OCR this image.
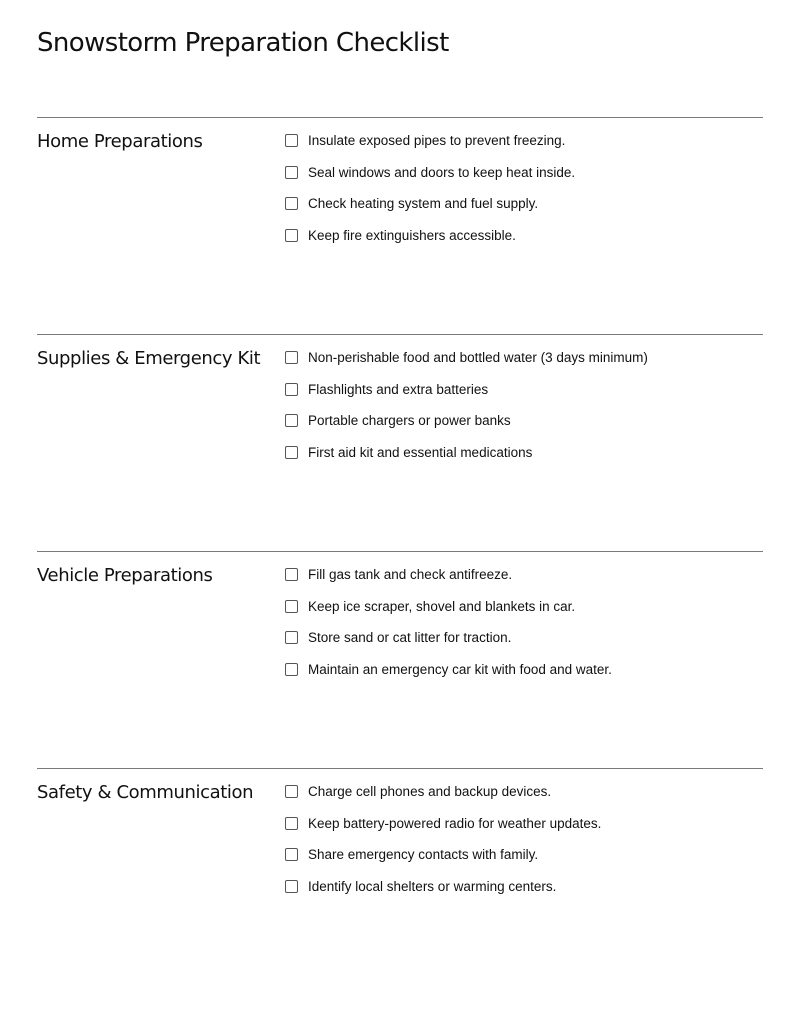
Snowstorm Preparation Checklist
Home Preparations	Insulate exposed pipes to prevent freezing.
Seal windows and doors to keep heat inside.
Check heating system and fuel supply.
Keep fire extinguishers accessible.
Supplies & Emergency Kit	Non-perishable food and bottled water (3 days minimum)
Flashlights and extra batteries
Portable chargers or power banks
First aid kit and essential medications
Vehicle Preparations	Fill gas tank and check antifreeze.
Keep ice scraper, shovel and blankets in car.
Store sand or cat litter for traction.
Maintain an emergency car kit with food and water.
Safety & Communication	Charge cell phones and backup devices.
Keep battery-powered radio for weather updates.
Share emergency contacts with family.
Identify local shelters or warming centers.
